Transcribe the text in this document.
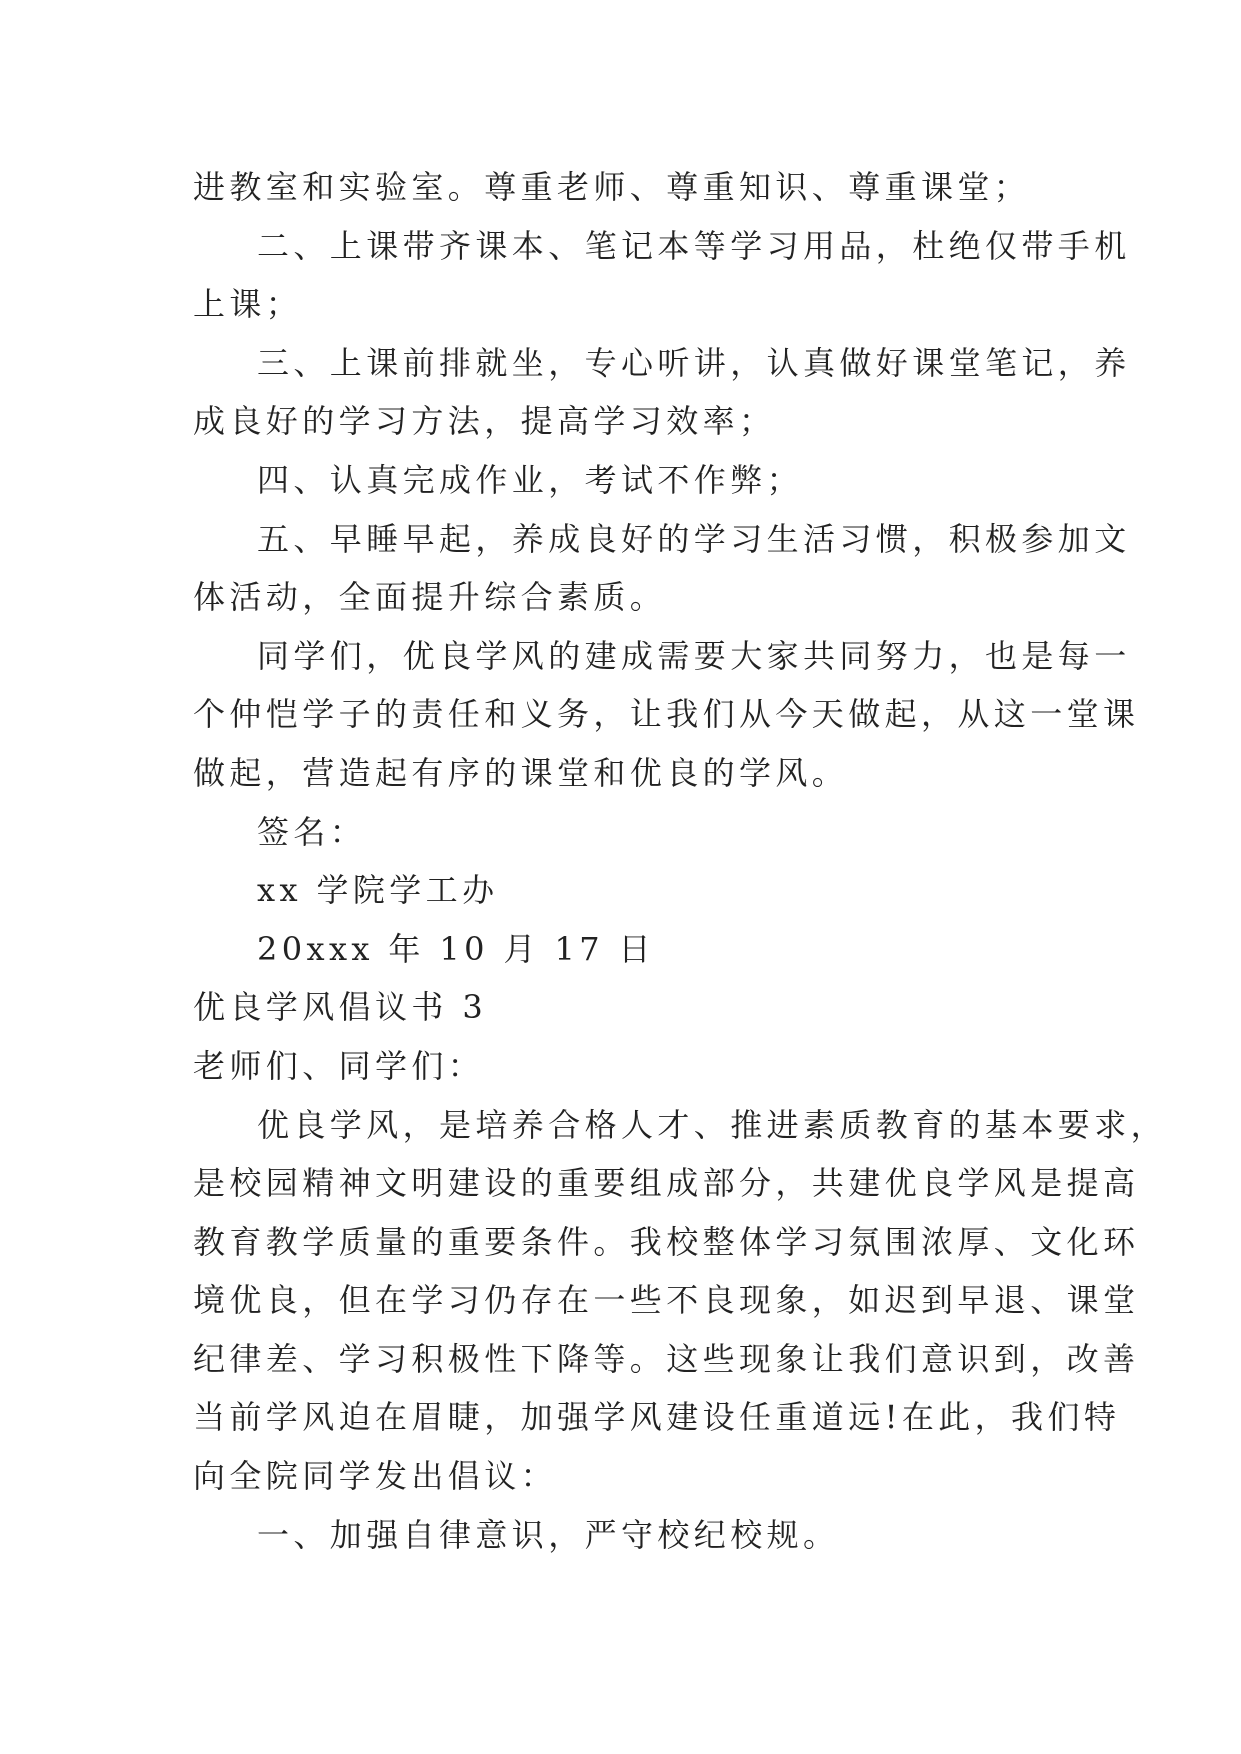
进教室和实验室。尊重老师、尊重知识、尊重课堂；
二、上课带齐课本、笔记本等学习用品，杜绝仅带手机
上课；
三、上课前排就坐，专心听讲，认真做好课堂笔记，养
成良好的学习方法，提高学习效率；
四、认真完成作业，考试不作弊；
五、早睡早起，养成良好的学习生活习惯，积极参加文
体活动，全面提升综合素质。
同学们，优良学风的建成需要大家共同努力，也是每一
个仲恺学子的责任和义务，让我们从今天做起，从这一堂课
做起，营造起有序的课堂和优良的学风。
签名：
xx 学院学工办
20xxx 年 10 月 17 日
优良学风倡议书 3
老师们、同学们：
优良学风，是培养合格人才、推进素质教育的基本要求，
是校园精神文明建设的重要组成部分，共建优良学风是提高
教育教学质量的重要条件。我校整体学习氛围浓厚、文化环
境优良，但在学习仍存在一些不良现象，如迟到早退、课堂
纪律差、学习积极性下降等。这些现象让我们意识到，改善
当前学风迫在眉睫，加强学风建设任重道远!在此，我们特
向全院同学发出倡议：
一、加强自律意识，严守校纪校规。
